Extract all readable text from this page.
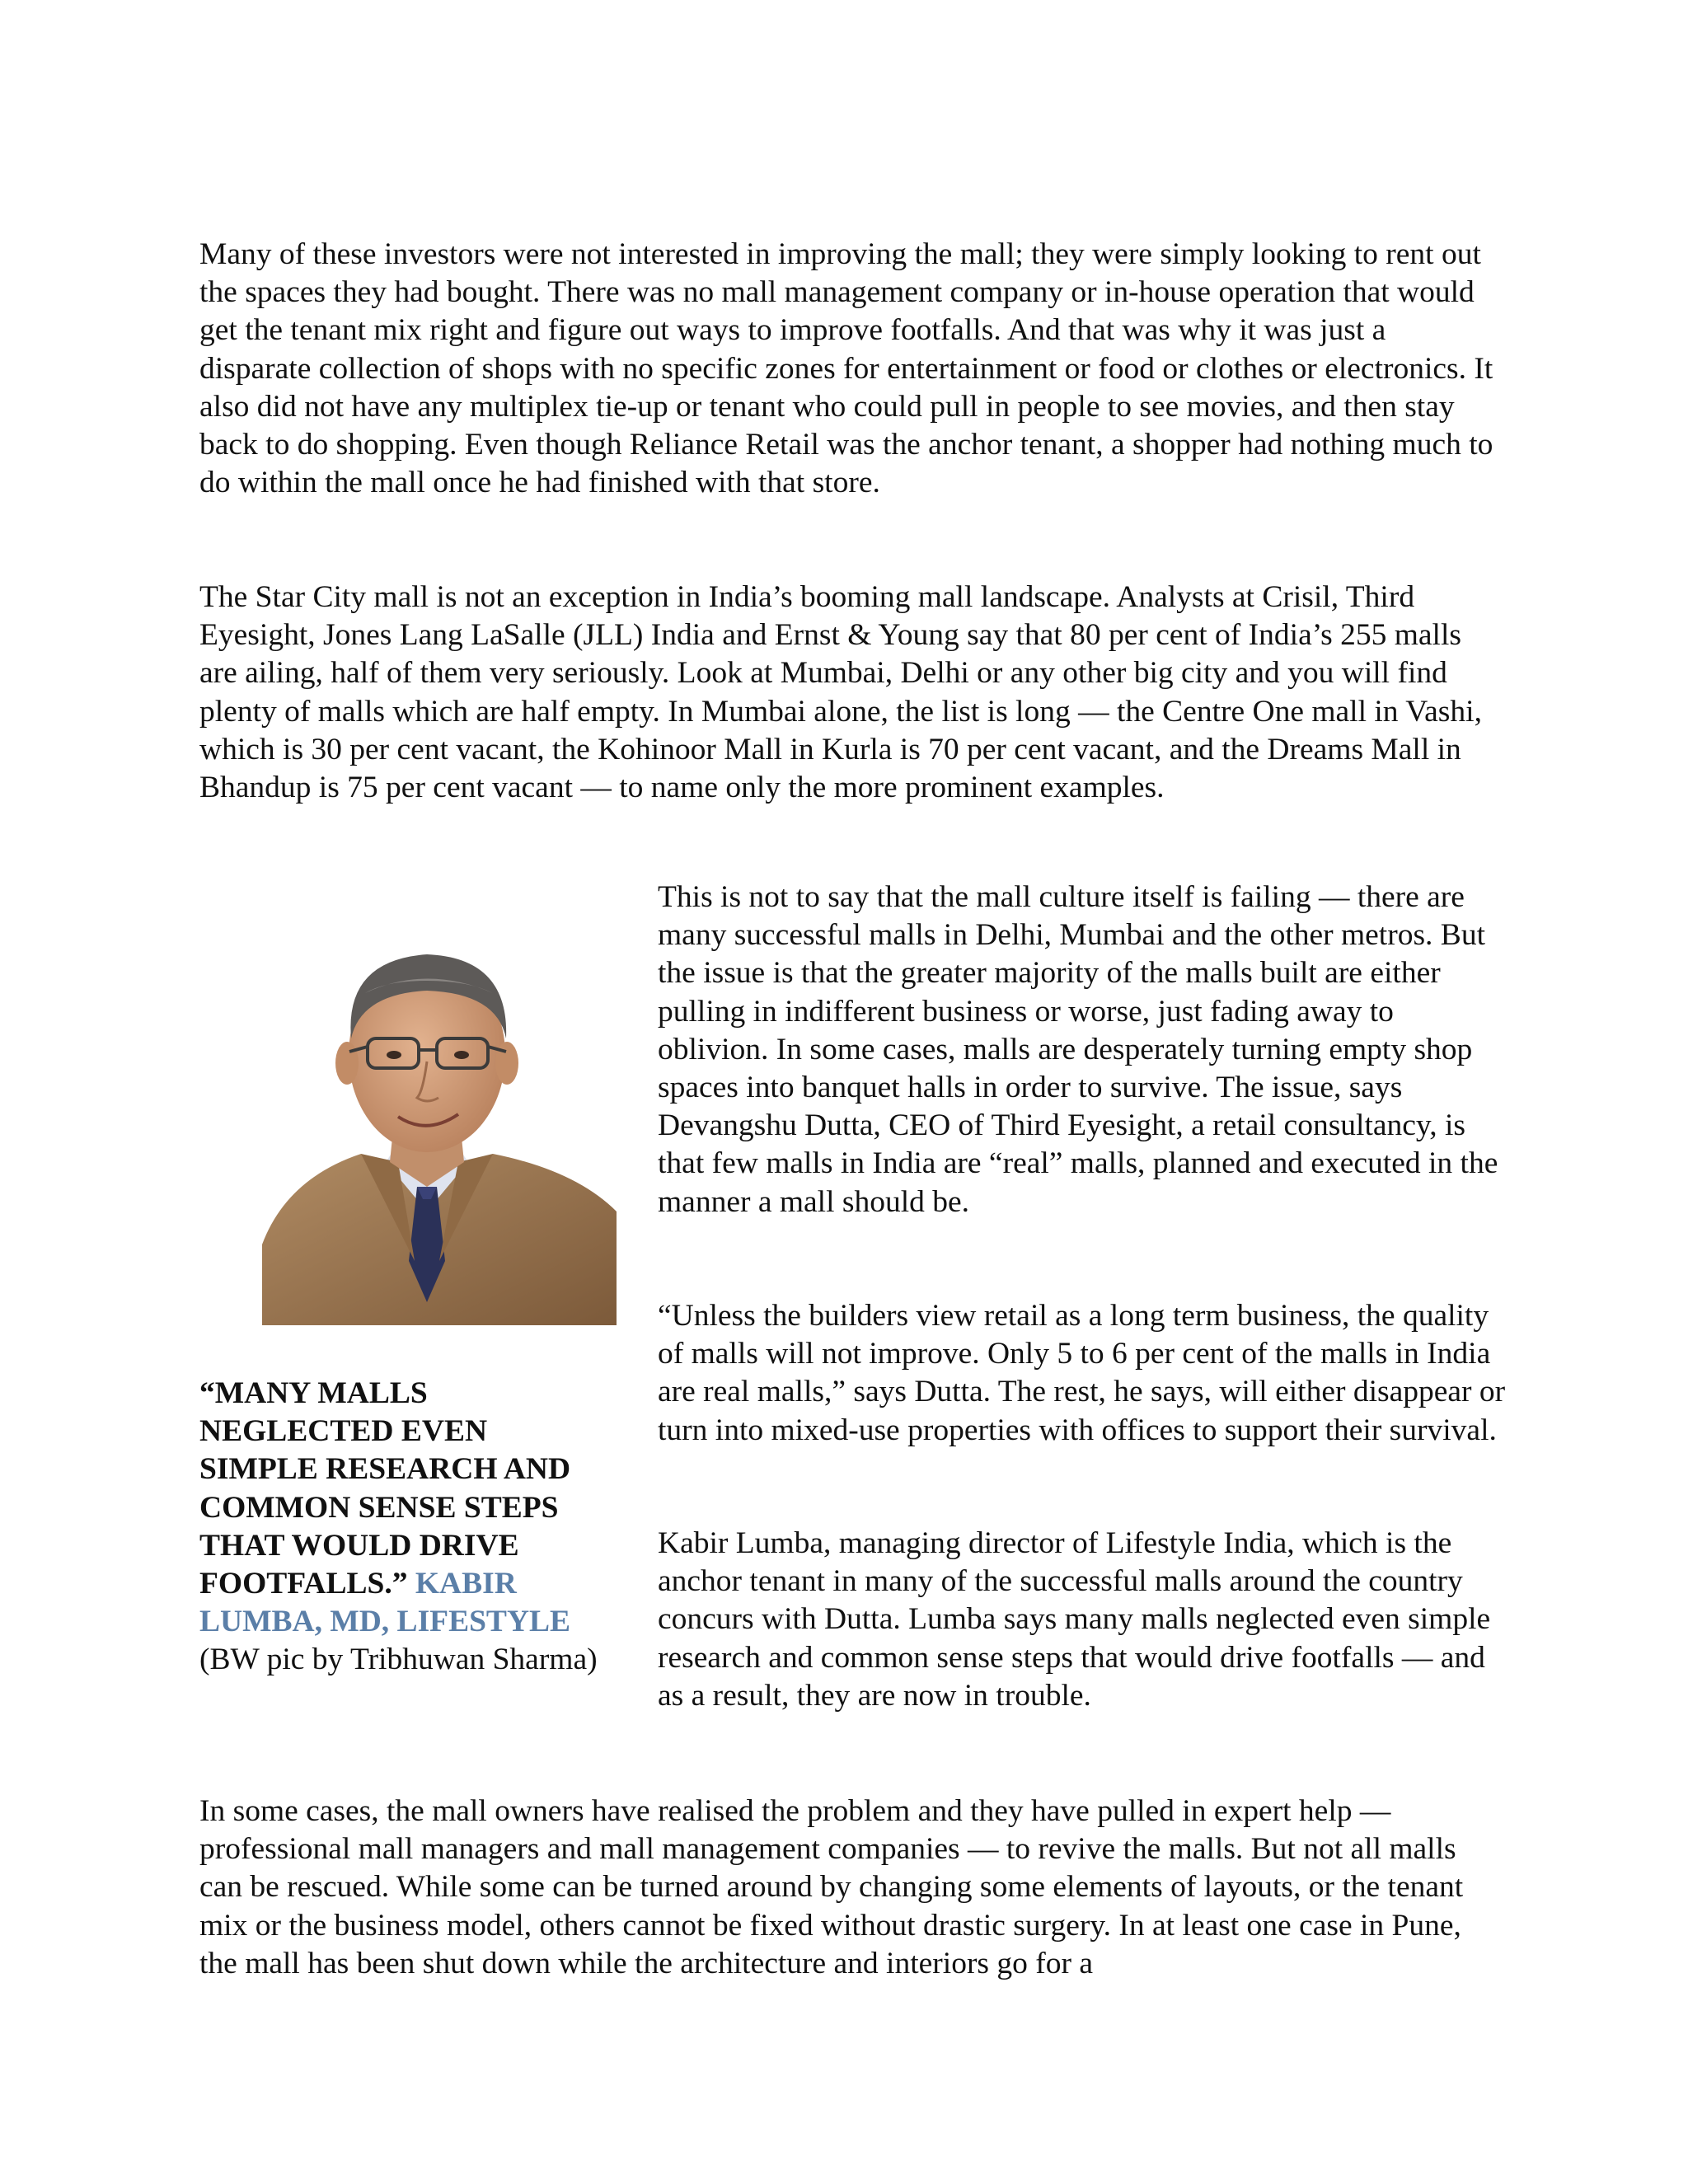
Many of these investors were not interested in improving the mall; they were simply looking to rent out the spaces they had bought. There was no mall management company or in-house operation that would get the tenant mix right and figure out ways to improve footfalls. And that was why it was just a disparate collection of shops with no specific zones for entertainment or food or clothes or electronics. It also did not have any multiplex tie-up or tenant who could pull in people to see movies, and then stay back to do shopping. Even though Reliance Retail was the anchor tenant, a shopper had nothing much to do within the mall once he had finished with that store.

The Star City mall is not an exception in India’s booming mall landscape. Analysts at Crisil, Third Eyesight, Jones Lang LaSalle (JLL) India and Ernst & Young say that 80 per cent of India’s 255 malls are ailing, half of them very seriously. Look at Mumbai, Delhi or any other big city and you will find plenty of malls which are half empty. In Mumbai alone, the list is long — the Centre One mall in Vashi, which is 30 per cent vacant, the Kohinoor Mall in Kurla is 70 per cent vacant, and the Dreams Mall in Bhandup is 75 per cent vacant — to name only the more prominent examples.

This is not to say that the mall culture itself is failing — there are many successful malls in Delhi, Mumbai and the other metros. But the issue is that the greater majority of the malls built are either pulling in indifferent business or worse, just fading away to oblivion. In some cases, malls are desperately turning empty shop spaces into banquet halls in order to survive. The issue, says Devangshu Dutta, CEO of Third Eyesight, a retail consultancy, is that few malls in India are “real” malls, planned and executed in the manner a mall should be.

“Unless the builders view retail as a long term business, the quality of malls will not improve. Only 5 to 6 per cent of the malls in India are real malls,” says Dutta. The rest, he says, will either disappear or turn into mixed-use properties with offices to support their survival.

Kabir Lumba, managing director of Lifestyle India, which is the anchor tenant in many of the successful malls around the country concurs with Dutta. Lumba says many malls neglected even simple research and common sense steps that would drive footfalls — and as a result, they are now in trouble.

“MANY MALLS NEGLECTED EVEN SIMPLE RESEARCH AND COMMON SENSE STEPS THAT WOULD DRIVE FOOTFALLS.” KABIR LUMBA, MD, LIFESTYLE
(BW pic by Tribhuwan Sharma)

In some cases, the mall owners have realised the problem and they have pulled in expert help — professional mall managers and mall management companies — to revive the malls. But not all malls can be rescued. While some can be turned around by changing some elements of layouts, or the tenant mix or the business model, others cannot be fixed without drastic surgery. In at least one case in Pune, the mall has been shut down while the architecture and interiors go for a
